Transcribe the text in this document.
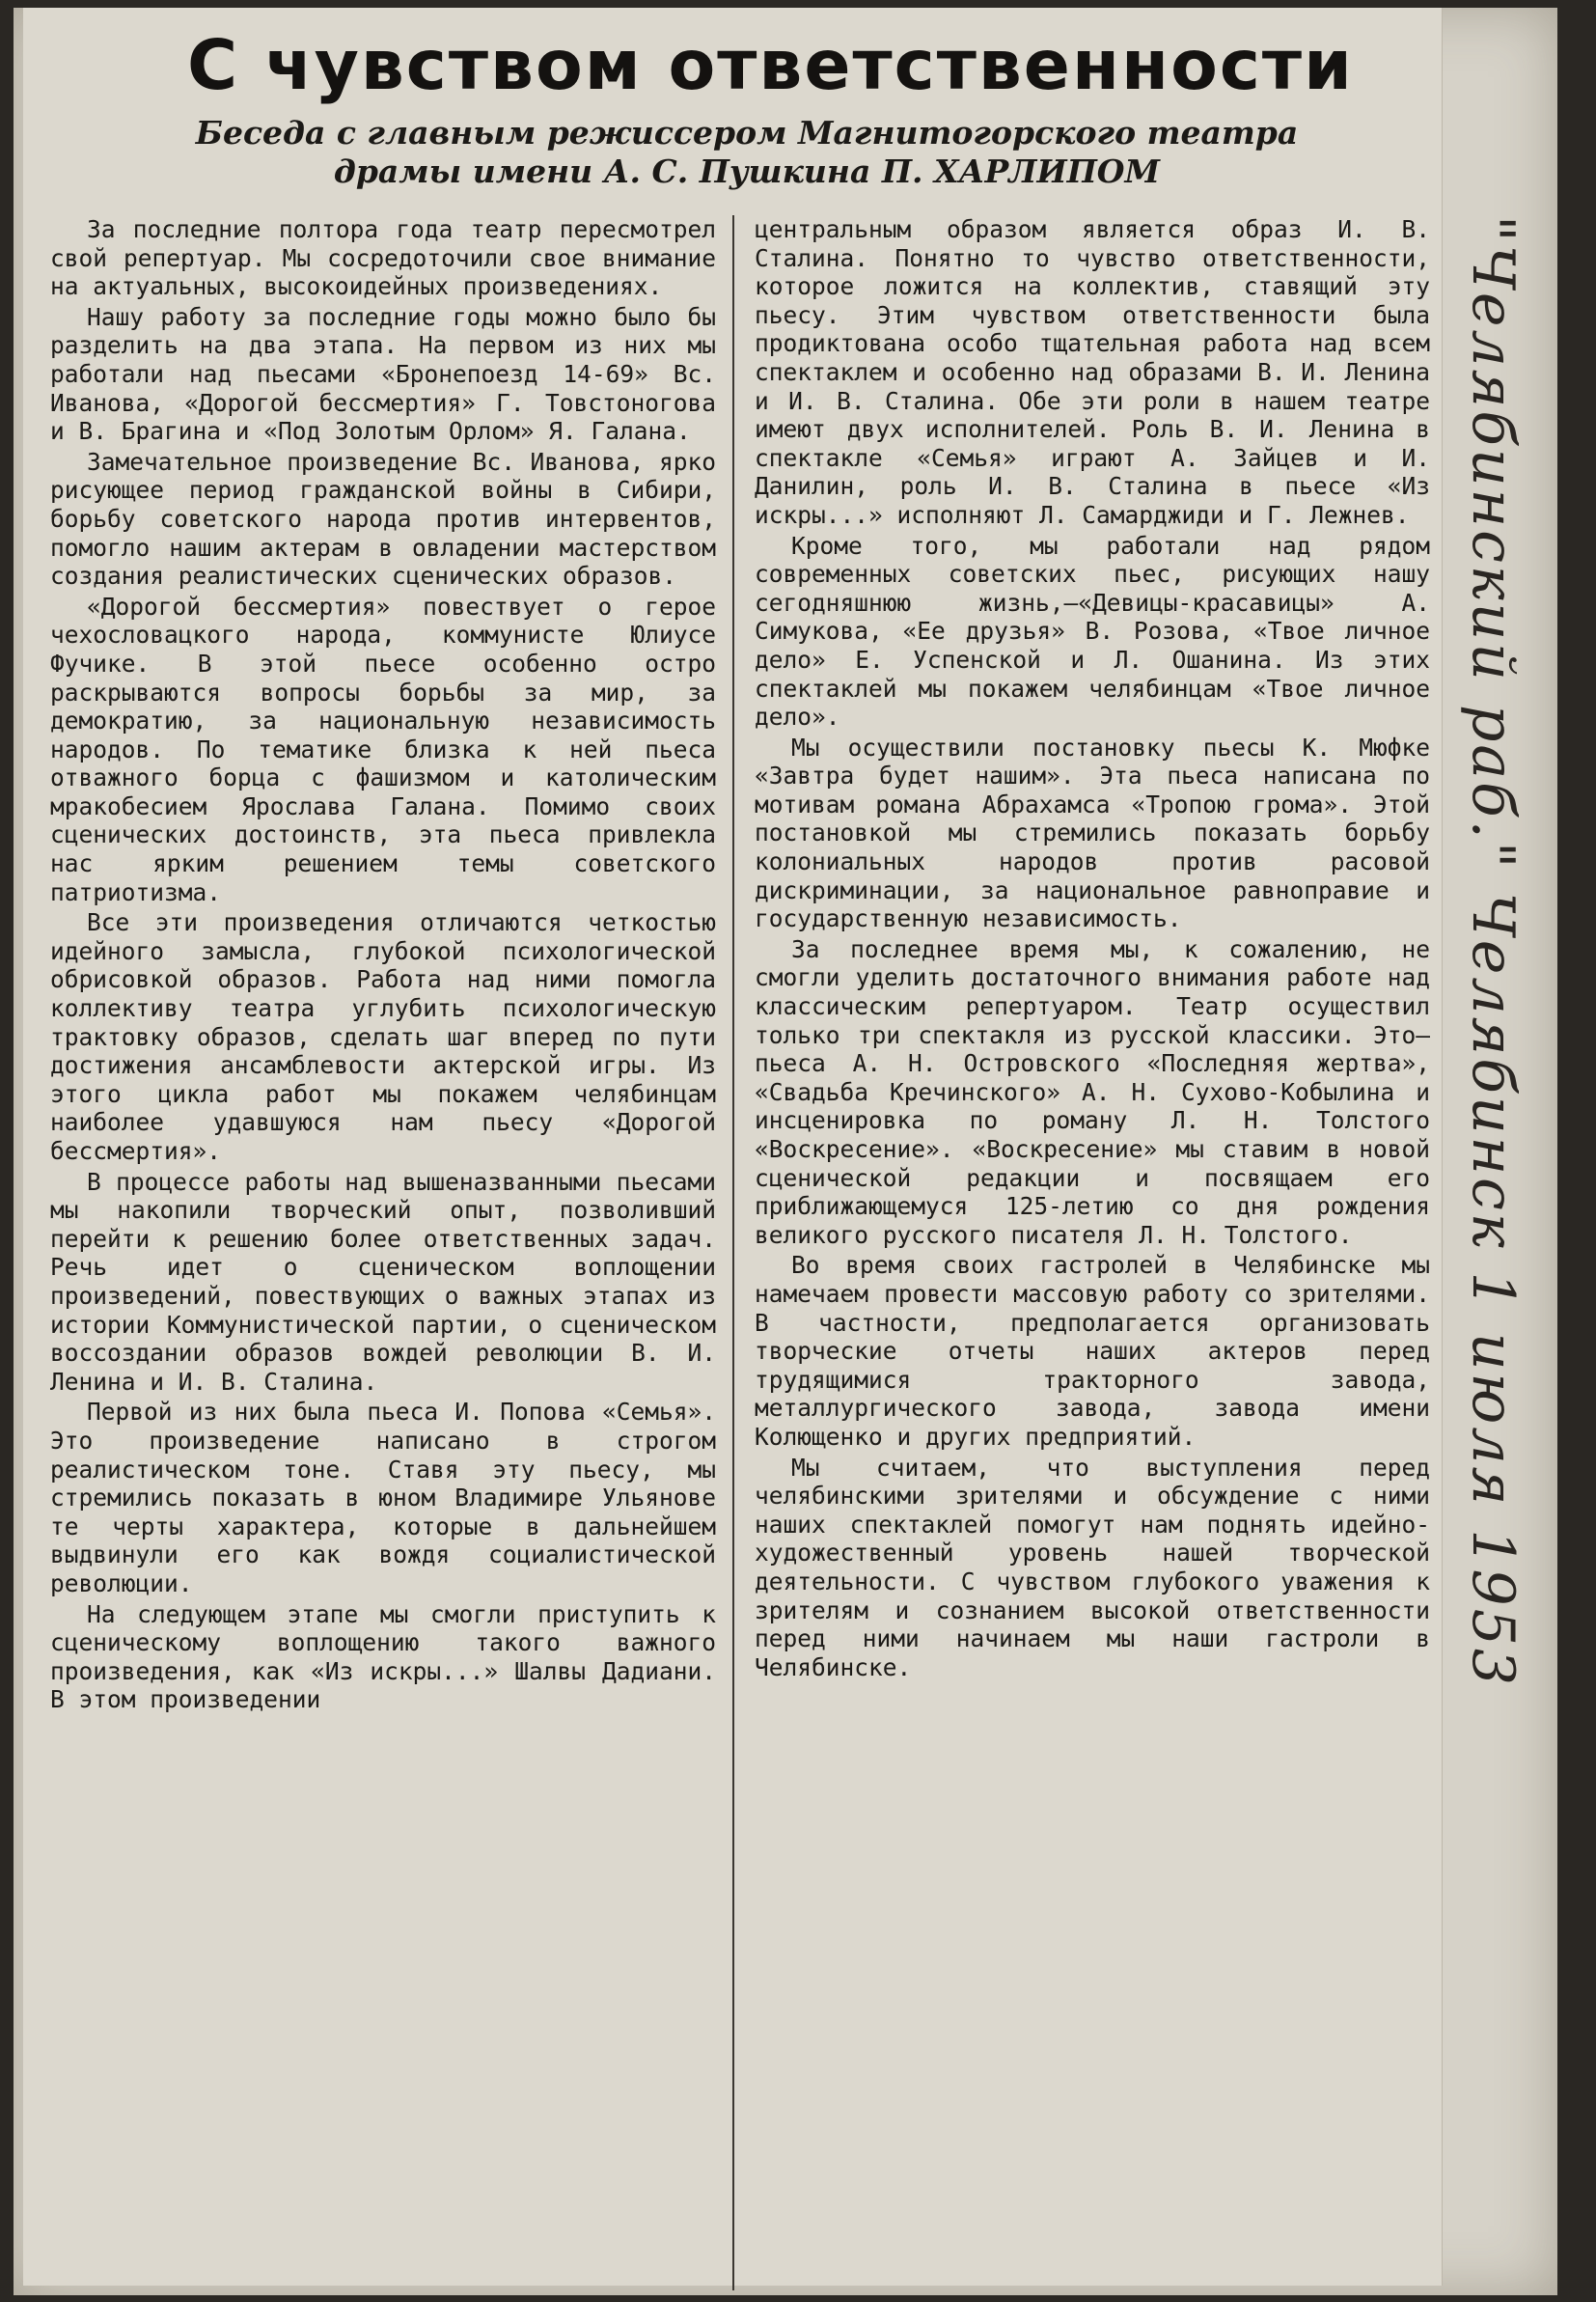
С чувством ответственности
Беседа с главным режиссером Магнитогорского театра
драмы имени А. С. Пушкина П. ХАРЛИПОМ

За последние полтора года театр пересмотрел свой репертуар. Мы сосредоточили свое внимание на актуальных, высокоидейных произведениях.

Нашу работу за последние годы можно было бы разделить на два этапа. На первом из них мы работали над пьесами «Бронепоезд 14-69» Вс. Иванова, «Дорогой бессмертия» Г. Товстоногова и В. Брагина и «Под Золотым Орлом» Я. Галана.

Замечательное произведение Вс. Иванова, ярко рисующее период гражданской войны в Сибири, борьбу советского народа против интервентов, помогло нашим актерам в овладении мастерством создания реалистических сценических образов.

«Дорогой бессмертия» повествует о герое чехословацкого народа, коммунисте Юлиусе Фучике. В этой пьесе особенно остро раскрываются вопросы борьбы за мир, за демократию, за национальную независимость народов. По тематике близка к ней пьеса отважного борца с фашизмом и католическим мракобесием Ярослава Галана. Помимо своих сценических достоинств, эта пьеса привлекла нас ярким решением темы советского патриотизма.

Все эти произведения отличаются четкостью идейного замысла, глубокой психологической обрисовкой образов. Работа над ними помогла коллективу театра углубить психологическую трактовку образов, сделать шаг вперед по пути достижения ансамблевости актерской игры. Из этого цикла работ мы покажем челябинцам наиболее удавшуюся нам пьесу «Дорогой бессмертия».

В процессе работы над вышеназванными пьесами мы накопили творческий опыт, позволивший перейти к решению более ответственных задач. Речь идет о сценическом воплощении произведений, повествующих о важных этапах из истории Коммунистической партии, о сценическом воссоздании образов вождей революции В. И. Ленина и И. В. Сталина.

Первой из них была пьеса И. Попова «Семья». Это произведение написано в строгом реалистическом тоне. Ставя эту пьесу, мы стремились показать в юном Владимире Ульянове те черты характера, которые в дальнейшем выдвинули его как вождя социалистической революции.

На следующем этапе мы смогли приступить к сценическому воплощению такого важного произведения, как «Из искры...» Шалвы Дадиани. В этом произведении

центральным образом является образ И. В. Сталина. Понятно то чувство ответственности, которое ложится на коллектив, ставящий эту пьесу. Этим чувством ответственности была продиктована особо тщательная работа над всем спектаклем и особенно над образами В. И. Ленина и И. В. Сталина. Обе эти роли в нашем театре имеют двух исполнителей. Роль В. И. Ленина в спектакле «Семья» играют А. Зайцев и И. Данилин, роль И. В. Сталина в пьесе «Из искры...» исполняют Л. Самарджиди и Г. Лежнев.

Кроме того, мы работали над рядом современных советских пьес, рисующих нашу сегодняшнюю жизнь,—«Девицы-красавицы» А. Симукова, «Ее друзья» В. Розова, «Твое личное дело» Е. Успенской и Л. Ошанина. Из этих спектаклей мы покажем челябинцам «Твое личное дело».

Мы осуществили постановку пьесы К. Мюфке «Завтра будет нашим». Эта пьеса написана по мотивам романа Абрахамса «Тропою грома». Этой постановкой мы стремились показать борьбу колониальных народов против расовой дискриминации, за национальное равноправие и государственную независимость.

За последнее время мы, к сожалению, не смогли уделить достаточного внимания работе над классическим репертуаром. Театр осуществил только три спектакля из русской классики. Это—пьеса А. Н. Островского «Последняя жертва», «Свадьба Кречинского» А. Н. Сухово-Кобылина и инсценировка по роману Л. Н. Толстого «Воскресение». «Воскресение» мы ставим в новой сценической редакции и посвящаем его приближающемуся 125-летию со дня рождения великого русского писателя Л. Н. Толстого.

Во время своих гастролей в Челябинске мы намечаем провести массовую работу со зрителями. В частности, предполагается организовать творческие отчеты наших актеров перед трудящимися тракторного завода, металлургического завода, завода имени Колющенко и других предприятий.

Мы считаем, что выступления перед челябинскими зрителями и обсуждение с ними наших спектаклей помогут нам поднять идейно-художественный уровень нашей творческой деятельности. С чувством глубокого уважения к зрителям и сознанием высокой ответственности перед ними начинаем мы наши гастроли в Челябинске.	"Челябинский раб." Челябинск 1 июля 1953
